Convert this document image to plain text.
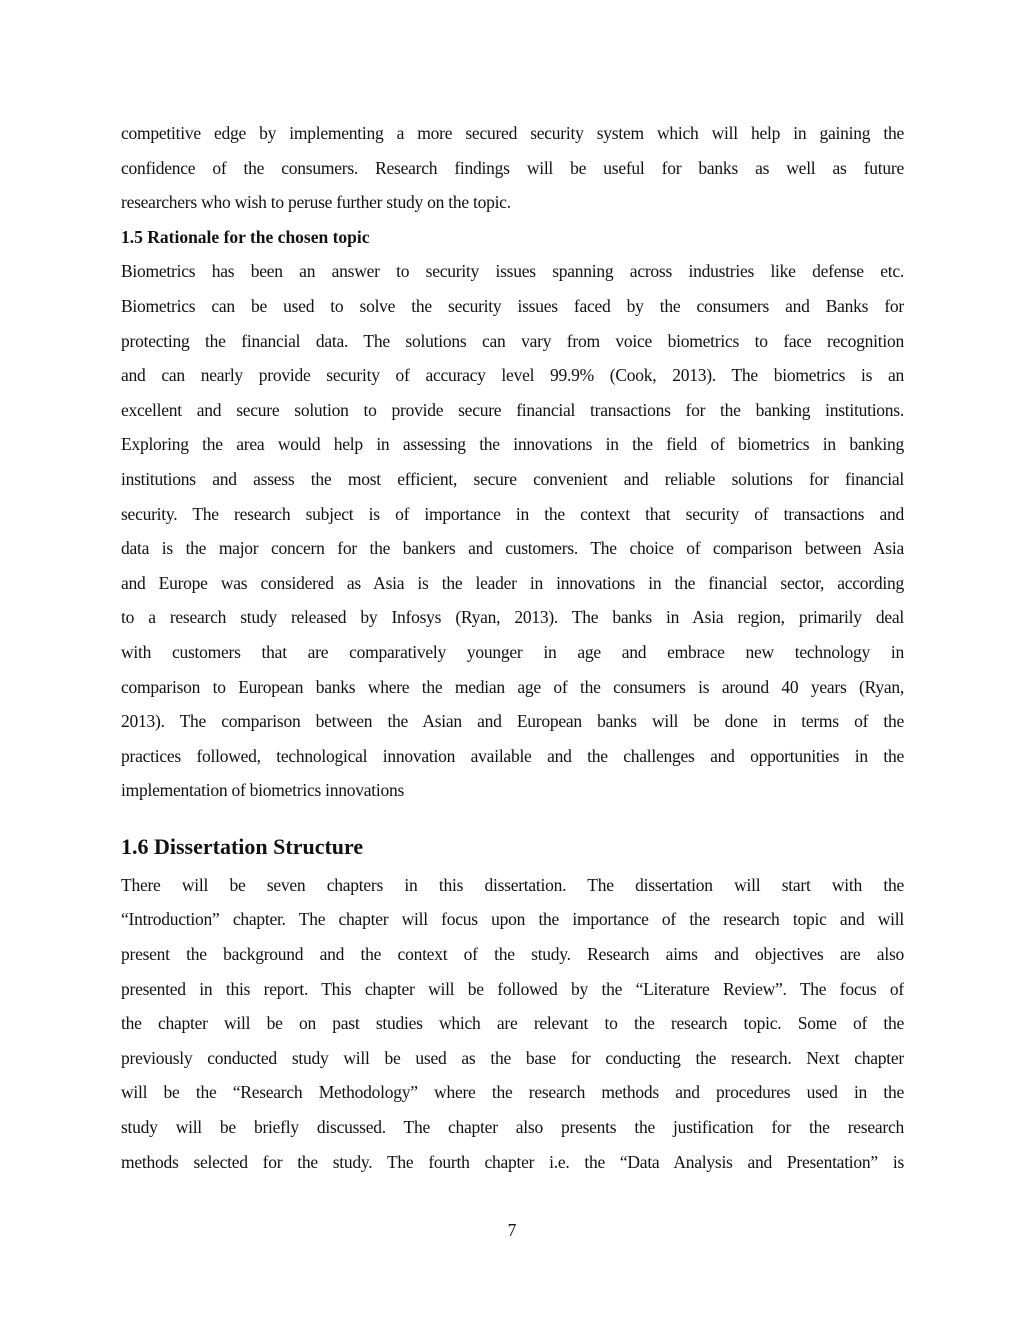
competitive edge by implementing a more secured security system which will help in gaining the
confidence of the consumers. Research findings will be useful for banks as well as future
researchers who wish to peruse further study on the topic.
1.5 Rationale for the chosen topic
Biometrics has been an answer to security issues spanning across industries like defense etc.
Biometrics can be used to solve the security issues faced by the consumers and Banks for
protecting the financial data. The solutions can vary from voice biometrics to face recognition
and can nearly provide security of accuracy level 99.9% (Cook, 2013). The biometrics is an
excellent and secure solution to provide secure financial transactions for the banking institutions.
Exploring the area would help in assessing the innovations in the field of biometrics in banking
institutions and assess the most efficient, secure convenient and reliable solutions for financial
security. The research subject is of importance in the context that security of transactions and
data is the major concern for the bankers and customers. The choice of comparison between Asia
and Europe was considered as Asia is the leader in innovations in the financial sector, according
to a research study released by Infosys (Ryan, 2013). The banks in Asia region, primarily deal
with customers that are comparatively younger in age and embrace new technology in
comparison to European banks where the median age of the consumers is around 40 years (Ryan,
2013). The comparison between the Asian and European banks will be done in terms of the
practices followed, technological innovation available and the challenges and opportunities in the
implementation of biometrics innovations
1.6 Dissertation Structure
There will be seven chapters in this dissertation. The dissertation will start with the
“Introduction” chapter. The chapter will focus upon the importance of the research topic and will
present the background and the context of the study. Research aims and objectives are also
presented in this report. This chapter will be followed by the “Literature Review”. The focus of
the chapter will be on past studies which are relevant to the research topic. Some of the
previously conducted study will be used as the base for conducting the research. Next chapter
will be the “Research Methodology” where the research methods and procedures used in the
study will be briefly discussed. The chapter also presents the justification for the research
methods selected for the study. The fourth chapter i.e. the “Data Analysis and Presentation” is
7
